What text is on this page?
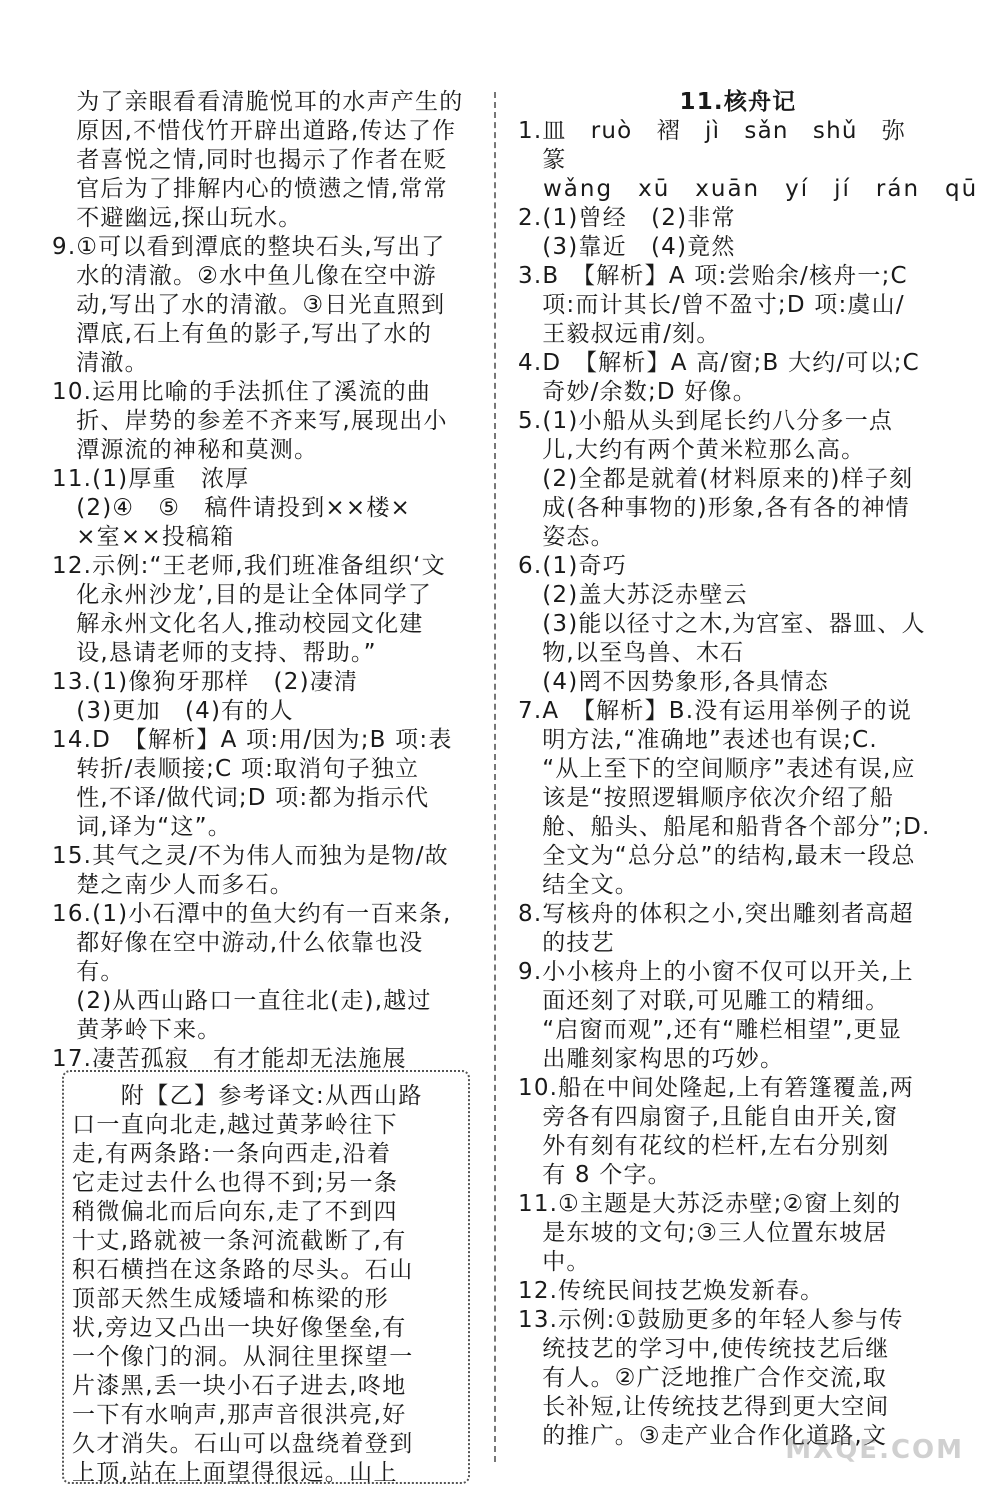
　为了亲眼看看清脆悦耳的水声产生的
　原因,不惜伐竹开辟出道路,传达了作
　者喜悦之情,同时也揭示了作者在贬
　官后为了排解内心的愤懑之情,常常
　不避幽远,探山玩水。
9.①可以看到潭底的整块石头,写出了
　水的清澈。②水中鱼儿像在空中游
　动,写出了水的清澈。③日光直照到
　潭底,石上有鱼的影子,写出了水的
　清澈。
10.运用比喻的手法抓住了溪流的曲
　折、岸势的参差不齐来写,展现出小
　潭源流的神秘和莫测。
11.(1)厚重　浓厚
　(2)④　⑤　稿件请投到××楼×
　×室××投稿箱
12.示例:“王老师,我们班准备组织‘文
　化永州沙龙’,目的是让全体同学了
　解永州文化名人,推动校园文化建
　设,恳请老师的支持、帮助。”
13.(1)像狗牙那样　(2)凄清
　(3)更加　(4)有的人
14.D　【解析】A 项:用/因为;B 项:表
　转折/表顺接;C 项:取消句子独立
　性,不译/做代词;D 项:都为指示代
　词,译为“这”。
15.其气之灵/不为伟人而独为是物/故
　楚之南少人而多石。
16.(1)小石潭中的鱼大约有一百来条,
　都好像在空中游动,什么依靠也没
　有。
　(2)从西山路口一直往北(走),越过
　黄茅岭下来。
17.凄苦孤寂　有才能却无法施展
　　附【乙】参考译文:从西山路
口一直向北走,越过黄茅岭往下
走,有两条路:一条向西走,沿着
它走过去什么也得不到;另一条
稍微偏北而后向东,走了不到四
十丈,路就被一条河流截断了,有
积石横挡在这条路的尽头。石山
顶部天然生成矮墙和栋梁的形
状,旁边又凸出一块好像堡垒,有
一个像门的洞。从洞往里探望一
片漆黑,丢一块小石子进去,咚地
一下有水响声,那声音很洪亮,好
久才消失。石山可以盘绕着登到
上顶,站在上面望得很远。山上
11.核舟记
1.皿　ruò　褶　jì　sǎn　shǔ　弥
　篆
　wǎng　xū　xuān　yí　jí　rán　qū
2.(1)曾经　(2)非常
　(3)靠近　(4)竟然
3.B　【解析】A 项:尝贻余/核舟一;C
　项:而计其长/曾不盈寸;D 项:虞山/
　王毅叔远甫/刻。
4.D　【解析】A 高/窗;B 大约/可以;C
　奇妙/余数;D 好像。
5.(1)小船从头到尾长约八分多一点
　儿,大约有两个黄米粒那么高。
　(2)全都是就着(材料原来的)样子刻
　成(各种事物的)形象,各有各的神情
　姿态。
6.(1)奇巧
　(2)盖大苏泛赤壁云
　(3)能以径寸之木,为宫室、器皿、人
　物,以至鸟兽、木石
　(4)罔不因势象形,各具情态
7.A　【解析】B.没有运用举例子的说
　明方法,“准确地”表述也有误;C.
　“从上至下的空间顺序”表述有误,应
　该是“按照逻辑顺序依次介绍了船
　舱、船头、船尾和船背各个部分”;D.
　全文为“总分总”的结构,最末一段总
　结全文。
8.写核舟的体积之小,突出雕刻者高超
　的技艺
9.小小核舟上的小窗不仅可以开关,上
　面还刻了对联,可见雕工的精细。
　“启窗而观”,还有“雕栏相望”,更显
　出雕刻家构思的巧妙。
10.船在中间处隆起,上有箬篷覆盖,两
　旁各有四扇窗子,且能自由开关,窗
　外有刻有花纹的栏杆,左右分别刻
　有 8 个字。
11.①主题是大苏泛赤壁;②窗上刻的
　是东坡的文句;③三人位置东坡居
　中。
12.传统民间技艺焕发新春。
13.示例:①鼓励更多的年轻人参与传
　统技艺的学习中,使传统技艺后继
　有人。②广泛地推广合作交流,取
　长补短,让传统技艺得到更大空间
　的推广。③走产业合作化道路,文
MXQE.COM
